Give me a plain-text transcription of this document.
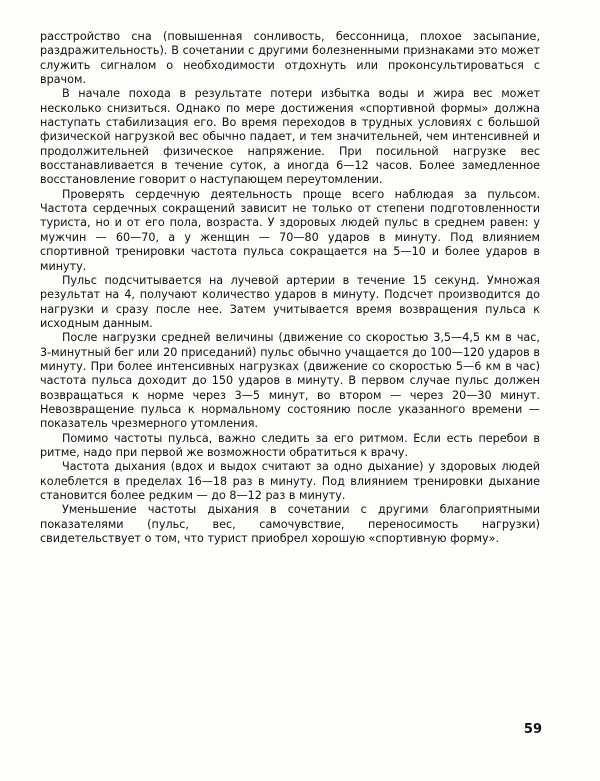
расстройство сна (повышенная сонливость, бессонница, плохое засыпание, раздражительность). В сочетании с другими болезненными признаками это может служить сигналом о необходимости отдохнуть или проконсультироваться с врачом.

В начале похода в результате потери избытка воды и жира вес может несколько снизиться. Однако по мере достижения «спортивной формы» должна наступать стабилизация его. Во время переходов в трудных условиях с большой физической нагрузкой вес обычно падает, и тем значительней, чем интенсивней и продолжительней физическое напряжение. При посильной нагрузке вес восстанавливается в течение суток, а иногда 6—12 часов. Более замедленное восстановление говорит о наступающем переутомлении.

Проверять сердечную деятельность проще всего наблюдая за пульсом. Частота сердечных сокращений зависит не только от степени подготовленности туриста, но и от его пола, возраста. У здоровых людей пульс в среднем равен: у мужчин — 60—70, а у женщин — 70—80 ударов в минуту. Под влиянием спортивной тренировки частота пульса сокращается на 5—10 и более ударов в минуту.

Пульс подсчитывается на лучевой артерии в течение 15 секунд. Умножая результат на 4, получают количество ударов в минуту. Подсчет производится до нагрузки и сразу после нее. Затем учитывается время возвращения пульса к исходным данным.

После нагрузки средней величины (движение со скоростью 3,5—4,5 км в час, 3-минутный бег или 20 приседаний) пульс обычно учащается до 100—120 ударов в минуту. При более интенсивных нагрузках (движение со скоростью 5—6 км в час) частота пульса доходит до 150 ударов в минуту. В первом случае пульс должен возвращаться к норме через 3—5 минут, во втором — через 20—30 минут. Невозвращение пульса к нормальному состоянию после указанного времени — показатель чрезмерного утомления.

Помимо частоты пульса, важно следить за его ритмом. Если есть перебои в ритме, надо при первой же возможности обратиться к врачу.

Частота дыхания (вдох и выдох считают за одно дыхание) у здоровых людей колеблется в пределах 16—18 раз в минуту. Под влиянием тренировки дыхание становится более редким — до 8—12 раз в минуту.

Уменьшение частоты дыхания в сочетании с другими благоприятными показателями (пульс, вес, самочувствие, переносимость нагрузки) свидетельствует о том, что турист приобрел хорошую «спортивную форму».

59
